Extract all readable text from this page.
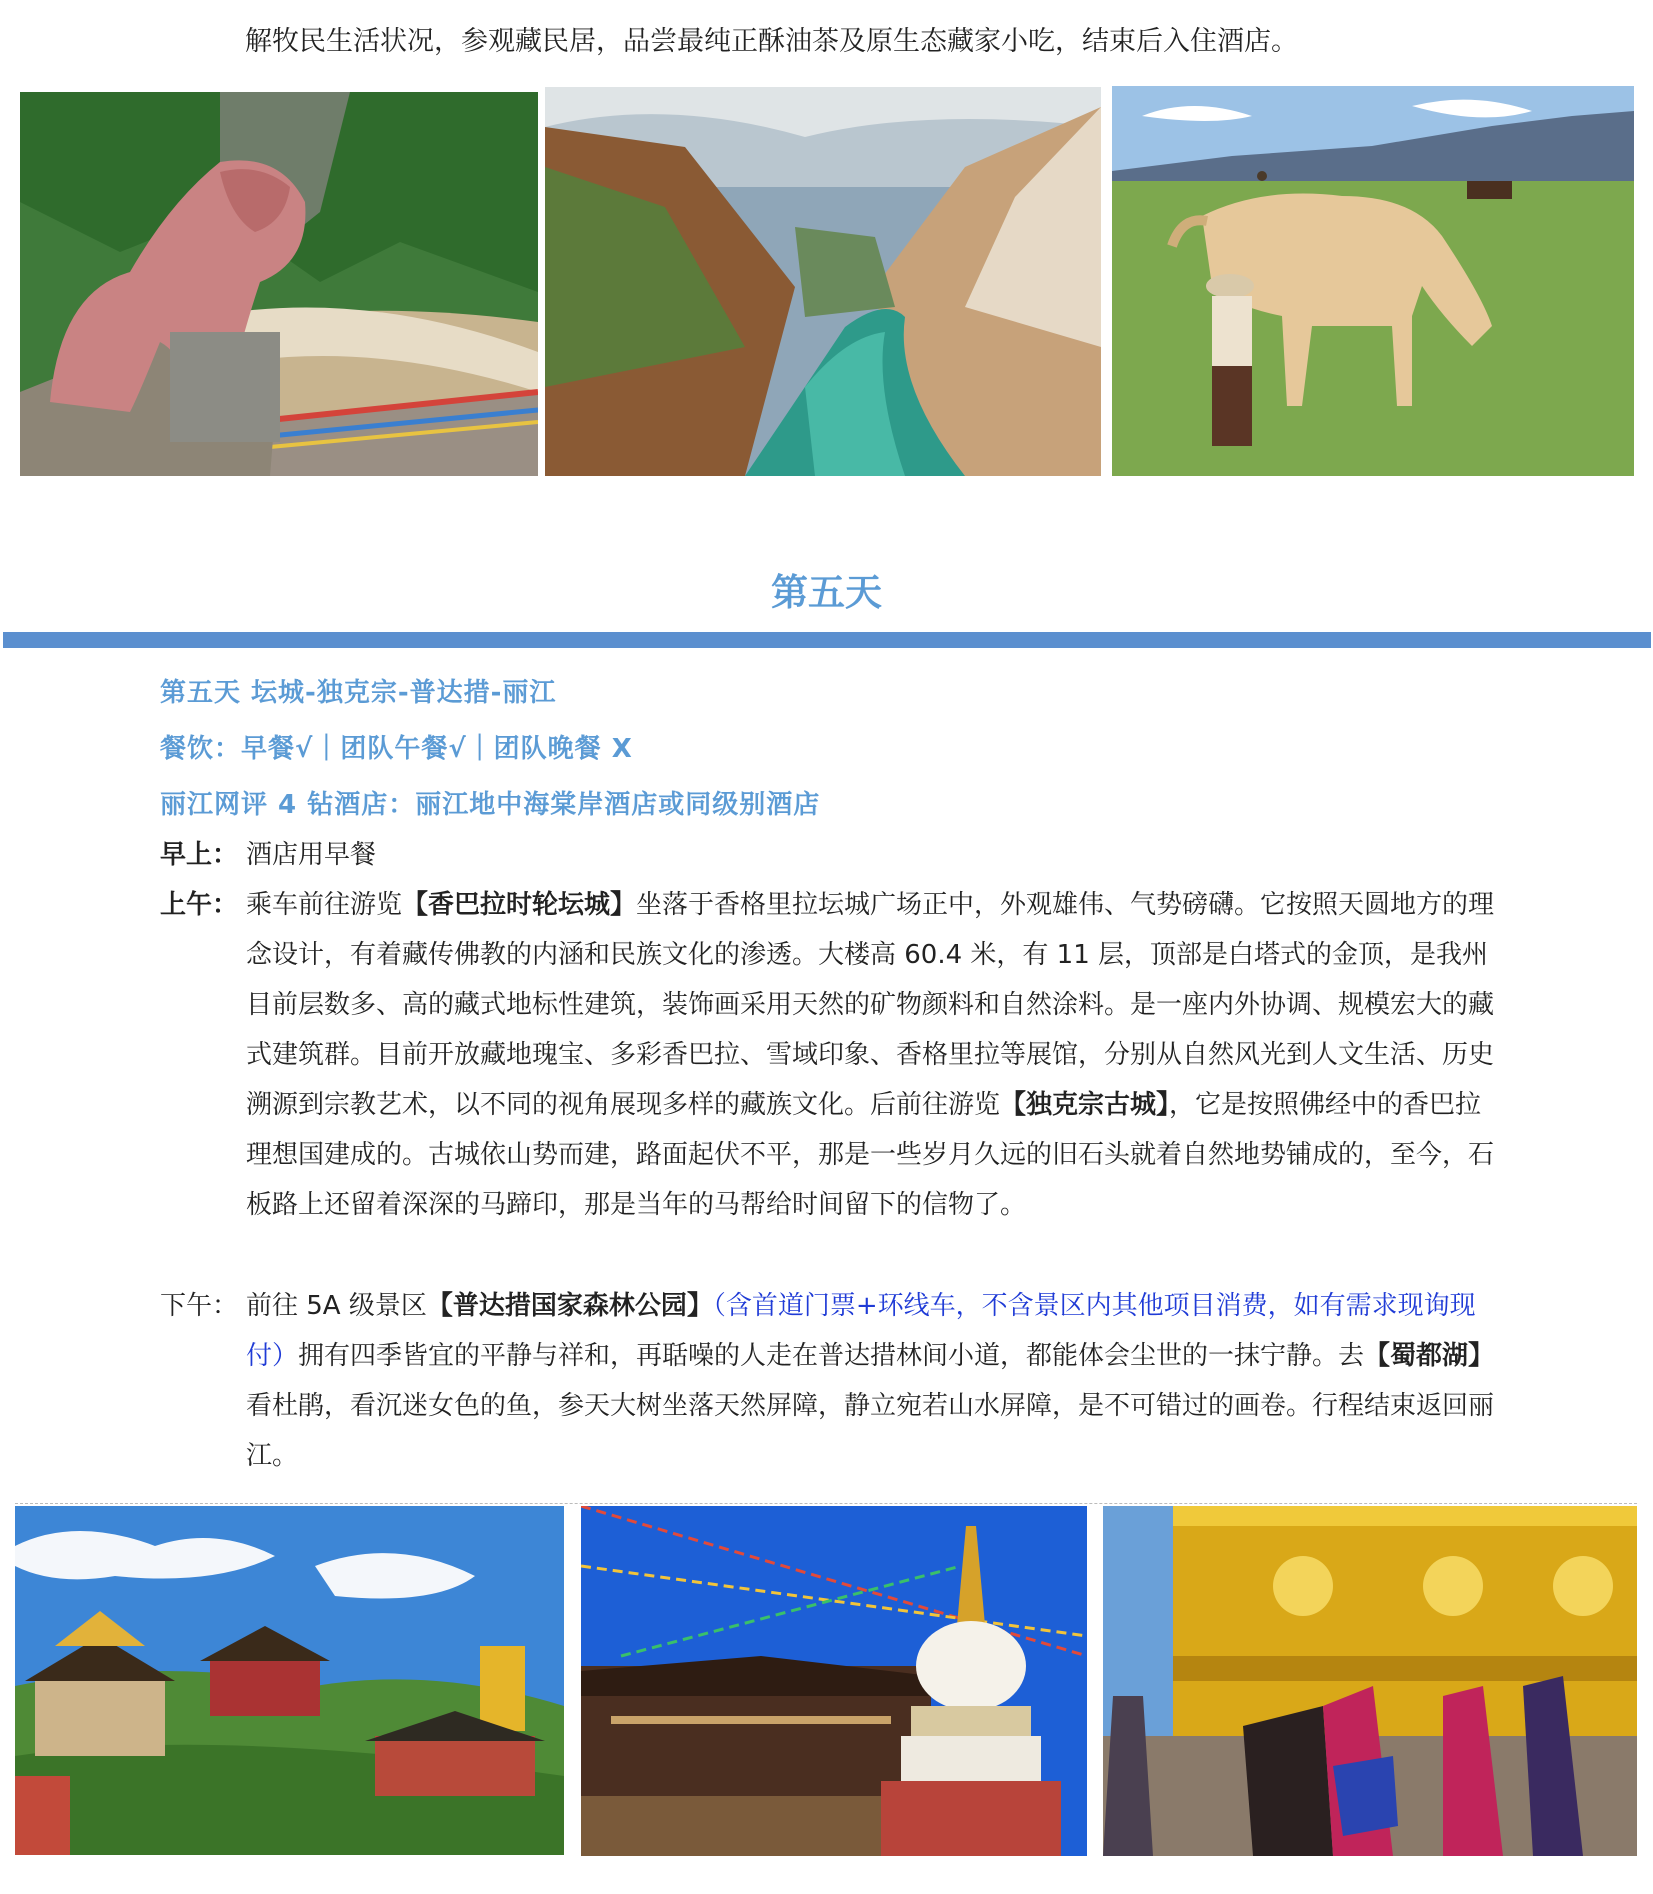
解牧民生活状况，参观藏民居，品尝最纯正酥油茶及原生态藏家小吃，结束后入住酒店。
第五天
第五天 坛城-独克宗-普达措-丽江
餐饮：早餐√｜团队午餐√｜团队晚餐 X
丽江网评 4 钻酒店：丽江地中海棠岸酒店或同级别酒店
早上： 酒店用早餐
上午： 乘车前往游览【香巴拉时轮坛城】坐落于香格里拉坛城广场正中，外观雄伟、气势磅礴。它按照天圆地方的理念设计，有着藏传佛教的内涵和民族文化的渗透。大楼高 60.4 米，有 11 层，顶部是白塔式的金顶，是我州目前层数多、高的藏式地标性建筑，装饰画采用天然的矿物颜料和自然涂料。是一座内外协调、规模宏大的藏式建筑群。目前开放藏地瑰宝、多彩香巴拉、雪域印象、香格里拉等展馆，分别从自然风光到人文生活、历史溯源到宗教艺术，以不同的视角展现多样的藏族文化。后前往游览【独克宗古城】，它是按照佛经中的香巴拉理想国建成的。古城依山势而建，路面起伏不平，那是一些岁月久远的旧石头就着自然地势铺成的，至今，石板路上还留着深深的马蹄印，那是当年的马帮给时间留下的信物了。
下午： 前往 5A 级景区【普达措国家森林公园】（含首道门票+环线车，不含景区内其他项目消费，如有需求现询现付）拥有四季皆宜的平静与祥和，再聒噪的人走在普达措林间小道，都能体会尘世的一抹宁静。去【蜀都湖】看杜鹃，看沉迷女色的鱼，参天大树坐落天然屏障，静立宛若山水屏障，是不可错过的画卷。行程结束返回丽江。
